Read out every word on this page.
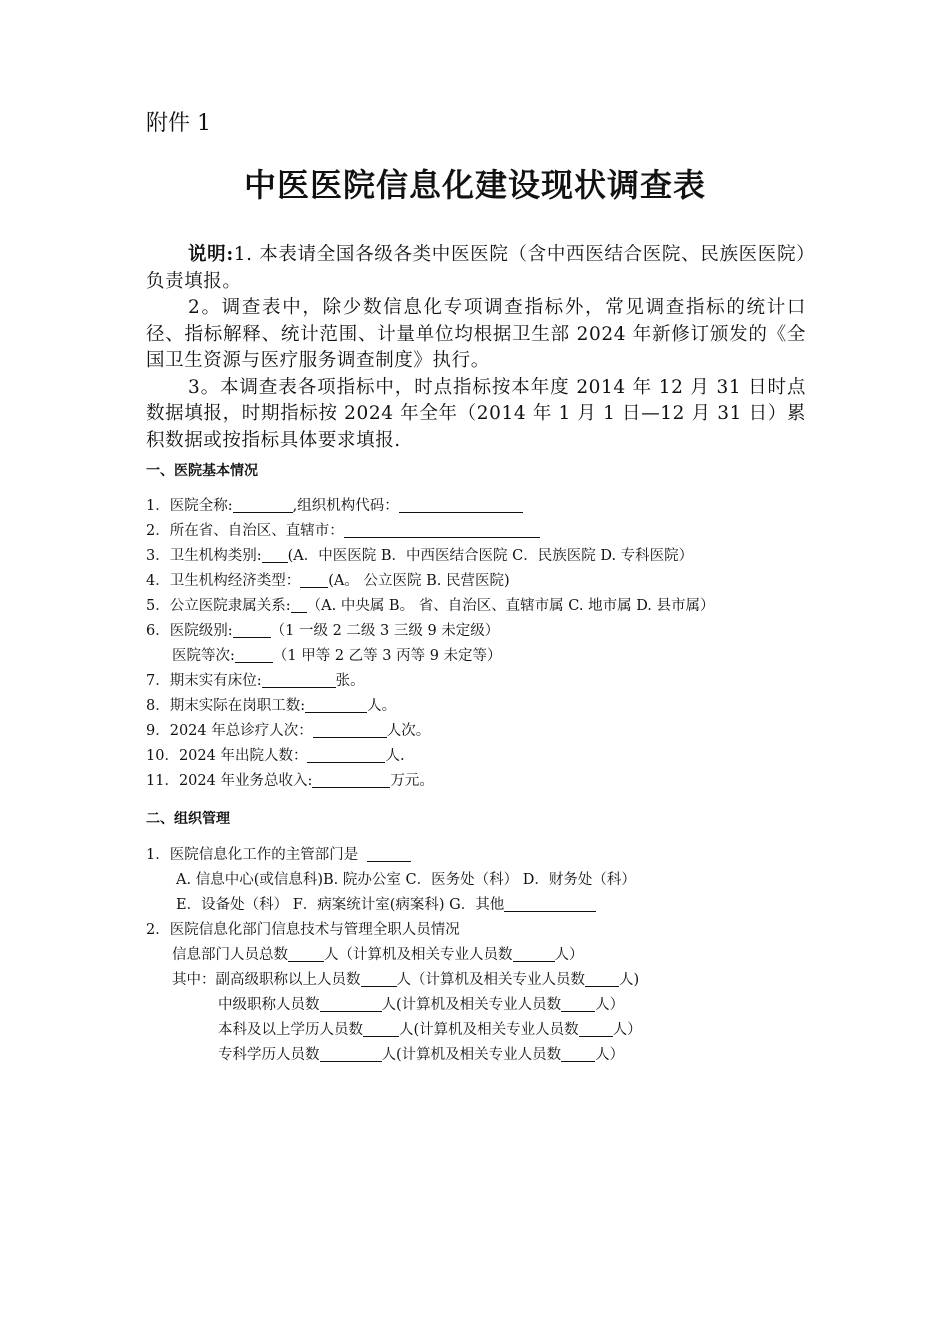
附件 1
中医医院信息化建设现状调查表

说明:1. 本表请全国各级各类中医医院（含中西医结合医院、民族医医院）负责填报。

2。调查表中，除少数信息化专项调查指标外，常见调查指标的统计口径、指标解释、统计范围、计量单位均根据卫生部 2024 年新修订颁发的《全国卫生资源与医疗服务调查制度》执行。

3。本调查表各项指标中，时点指标按本年度 2014 年 12 月 31 日时点数据填报，时期指标按 2024 年全年（2014 年 1 月 1 日—12 月 31 日）累积数据或按指标具体要求填报.

一、医院基本情况
1．医院全称:	,组织机构代码：
2．所在省、自治区、直辖市：
3．卫生机构类别: (A．中医医院 B．中西医结合医院 C．民族医院 D. 专科医院）
4．卫生机构经济类型： (A。 公立医院 B. 民营医院)
5．公立医院隶属关系: （A. 中央属 B。 省、自治区、直辖市属 C. 地市属 D. 县市属）
6．医院级别:	（1 一级 2 二级 3 三级 9 未定级）
医院等次:	（1 甲等 2 乙等 3 丙等 9 未定等）
7．期末实有床位:	张。
8．期末实际在岗职工数:	人。
9．2024 年总诊疗人次：	人次。
10．2024 年出院人数：	人.
11．2024 年业务总收入:	万元。
二、组织管理
1．医院信息化工作的主管部门是
A. 信息中心(或信息科)B. 院办公室 C．医务处（科） D．财务处（科）
E．设备处（科） F．病案统计室(病案科) G．其他
2．医院信息化部门信息技术与管理全职人员情况
信息部门人员总数 人（计算机及相关专业人员数	人）
其中：副高级职称以上人员数 人（计算机及相关专业人员数 人)
中级职称人员数	人(计算机及相关专业人员数 人）
本科及以上学历人员数 人(计算机及相关专业人员数 人）
专科学历人员数	人(计算机及相关专业人员数 人）
